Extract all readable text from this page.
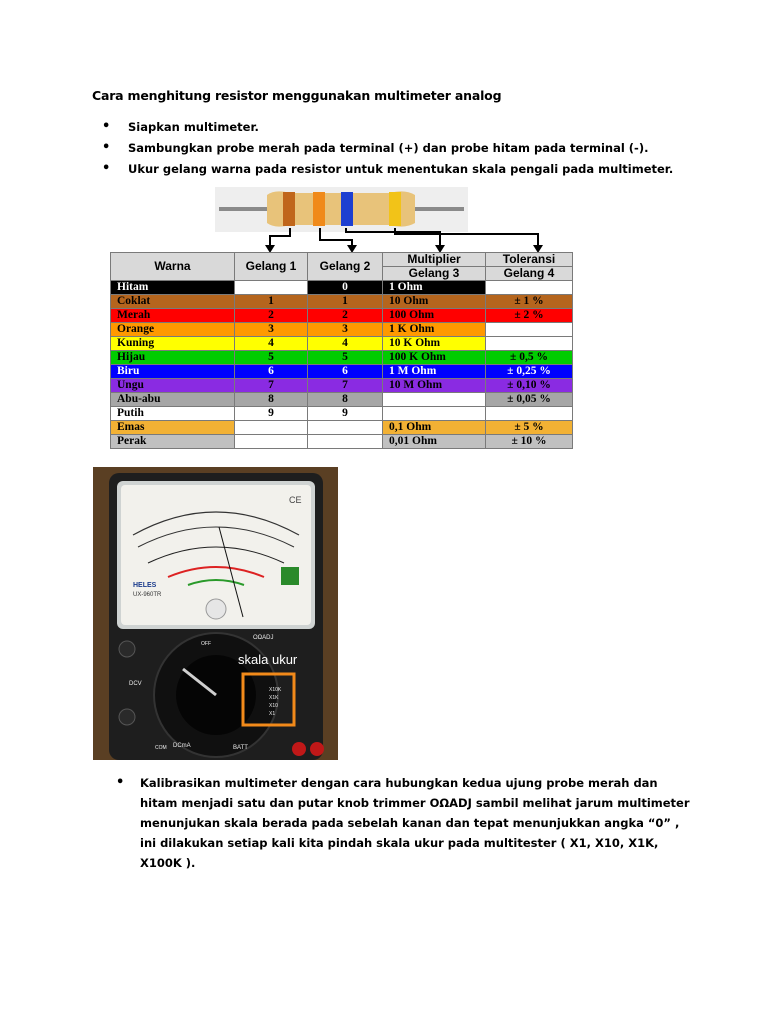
Cara menghitung resistor menggunakan multimeter analog
• Siapkan multimeter.
• Sambungkan probe merah pada terminal (+) dan probe hitam pada terminal (-).
• Ukur gelang warna pada resistor untuk menentukan skala pengali pada multimeter.
Warna	Gelang 1	Gelang 2	Multiplier	Toleransi
			Gelang 3	Gelang 4
Hitam		0	1 Ohm	
Coklat	1	1	10 Ohm	± 1 %
Merah	2	2	100 Ohm	± 2 %
Orange	3	3	1 K Ohm	
Kuning	4	4	10 K Ohm	
Hijau	5	5	100 K Ohm	± 0,5 %
Biru	6	6	1 M Ohm	± 0,25 %
Ungu	7	7	10 M Ohm	± 0,10 %
Abu-abu	8	8		± 0,05 %
Putih	9	9		
Emas			0,1 Ohm	± 5 %
Perak			0,01 Ohm	± 10 %
CE
HELES
UX-960TR
DCV
DCmA
OFF
X10K
X1K
X10
X1
BATT
COM
OΩADJ
skala ukur
• Kalibrasikan multimeter dengan cara hubungkan kedua ujung probe merah dan hitam menjadi satu dan putar knob trimmer OΩADJ sambil melihat jarum multimeter menunjukan skala berada pada sebelah kanan dan tepat menunjukkan angka “0” , ini dilakukan setiap kali kita pindah skala ukur pada multitester ( X1, X10, X1K, X100K ).
